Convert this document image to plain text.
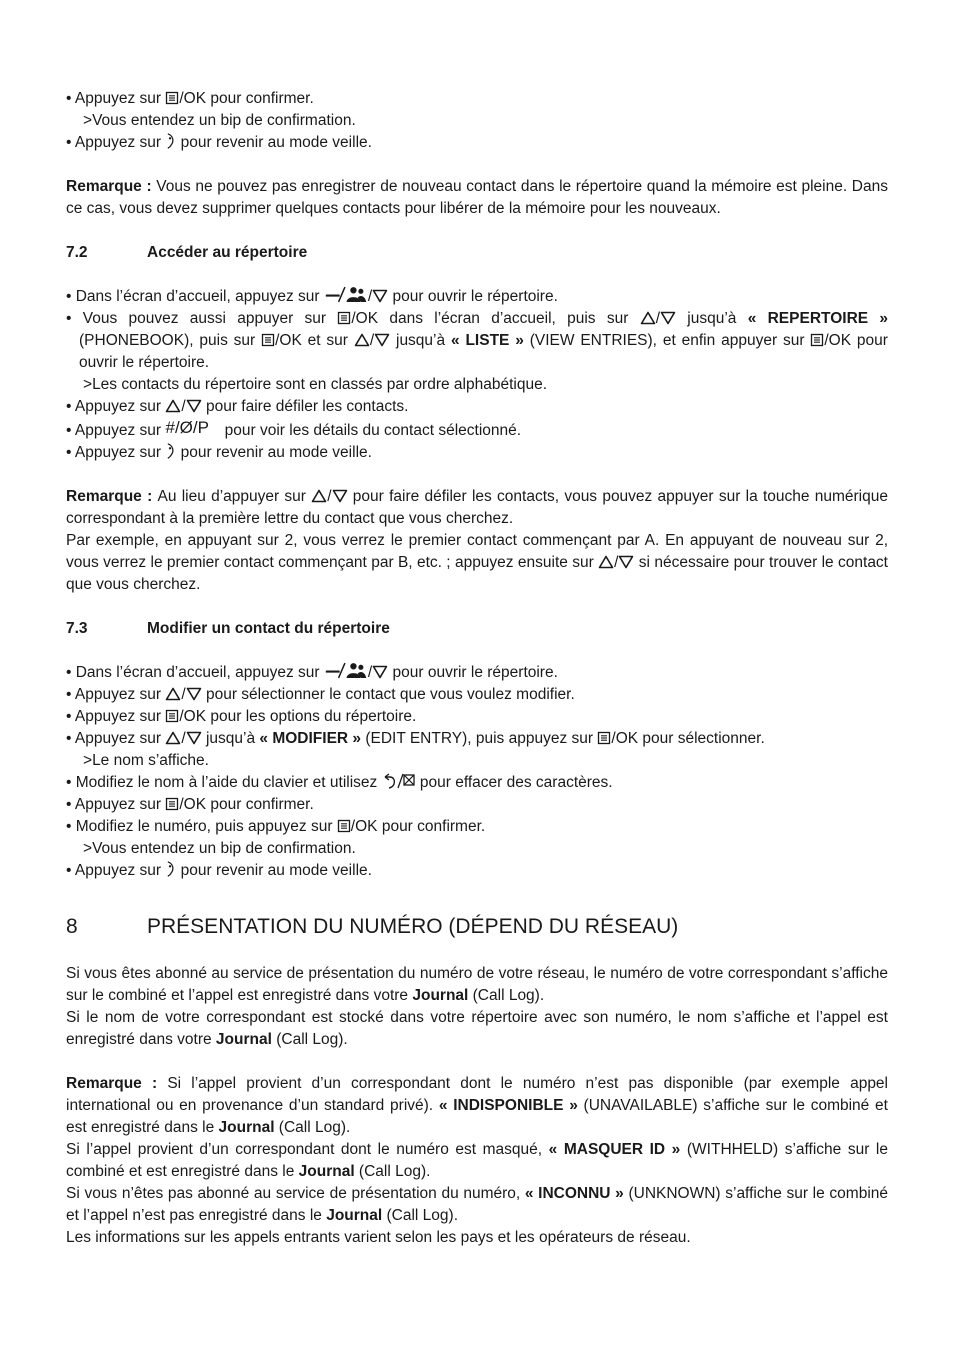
• Appuyez sur /OK pour confirmer.
>Vous entendez un bip de confirmation.
• Appuyez sur  pour revenir au mode veille.
Remarque : Vous ne pouvez pas enregistrer de nouveau contact dans le répertoire quand la mémoire est pleine. Dans ce cas, vous devez supprimer quelques contacts pour libérer de la mémoire pour les nouveaux.
7.2	Accéder au répertoire
• Dans l’écran d’accueil, appuyez sur	/ pour ouvrir le répertoire.
• Vous pouvez aussi appuyer sur /OK dans l’écran d’accueil, puis sur / jusqu’à « REPERTOIRE » (PHONEBOOK), puis sur /OK et sur / jusqu’à « LISTE » (VIEW ENTRIES), et enfin appuyer sur /OK pour ouvrir le répertoire.
>Les contacts du répertoire sont en classés par ordre alphabétique.
• Appuyez sur / pour faire défiler les contacts.
• Appuyez sur	pour voir les détails du contact sélectionné.
• Appuyez sur  pour revenir au mode veille.
Remarque : Au lieu d’appuyer sur / pour faire défiler les contacts, vous pouvez appuyer sur la touche numérique correspondant à la première lettre du contact que vous cherchez.
Par exemple, en appuyant sur 2, vous verrez le premier contact commençant par A. En appuyant de nouveau sur 2, vous verrez le premier contact commençant par B, etc. ; appuyez ensuite sur / si nécessaire pour trouver le contact que vous cherchez.
7.3	Modifier un contact du répertoire
• Dans l’écran d’accueil, appuyez sur	/ pour ouvrir le répertoire.
• Appuyez sur / pour sélectionner le contact que vous voulez modifier.
• Appuyez sur /OK pour les options du répertoire.
• Appuyez sur / jusqu’à « MODIFIER » (EDIT ENTRY), puis appuyez sur /OK pour sélectionner.
>Le nom s’affiche.
• Modifiez le nom à l’aide du clavier et utilisez  pour effacer des caractères.
• Appuyez sur /OK pour confirmer.
• Modifiez le numéro, puis appuyez sur /OK pour confirmer.
>Vous entendez un bip de confirmation.
• Appuyez sur  pour revenir au mode veille.
8	PRÉSENTATION DU NUMÉRO (DÉPEND DU RÉSEAU)
Si vous êtes abonné au service de présentation du numéro de votre réseau, le numéro de votre correspondant s’affiche sur le combiné et l’appel est enregistré dans votre Journal (Call Log).
Si le nom de votre correspondant est stocké dans votre répertoire avec son numéro, le nom s’affiche et l’appel est enregistré dans votre Journal (Call Log).
Remarque : Si l’appel provient d’un correspondant dont le numéro n’est pas disponible (par exemple appel international ou en provenance d’un standard privé). « INDISPONIBLE » (UNAVAILABLE) s’affiche sur le combiné et est enregistré dans le Journal (Call Log).
Si l’appel provient d’un correspondant dont le numéro est masqué, « MASQUER ID » (WITHHELD) s’affiche sur le combiné et est enregistré dans le Journal (Call Log).
Si vous n’êtes pas abonné au service de présentation du numéro, « INCONNU » (UNKNOWN) s’affiche sur le combiné et l’appel n’est pas enregistré dans le Journal (Call Log).
Les informations sur les appels entrants varient selon les pays et les opérateurs de réseau.
